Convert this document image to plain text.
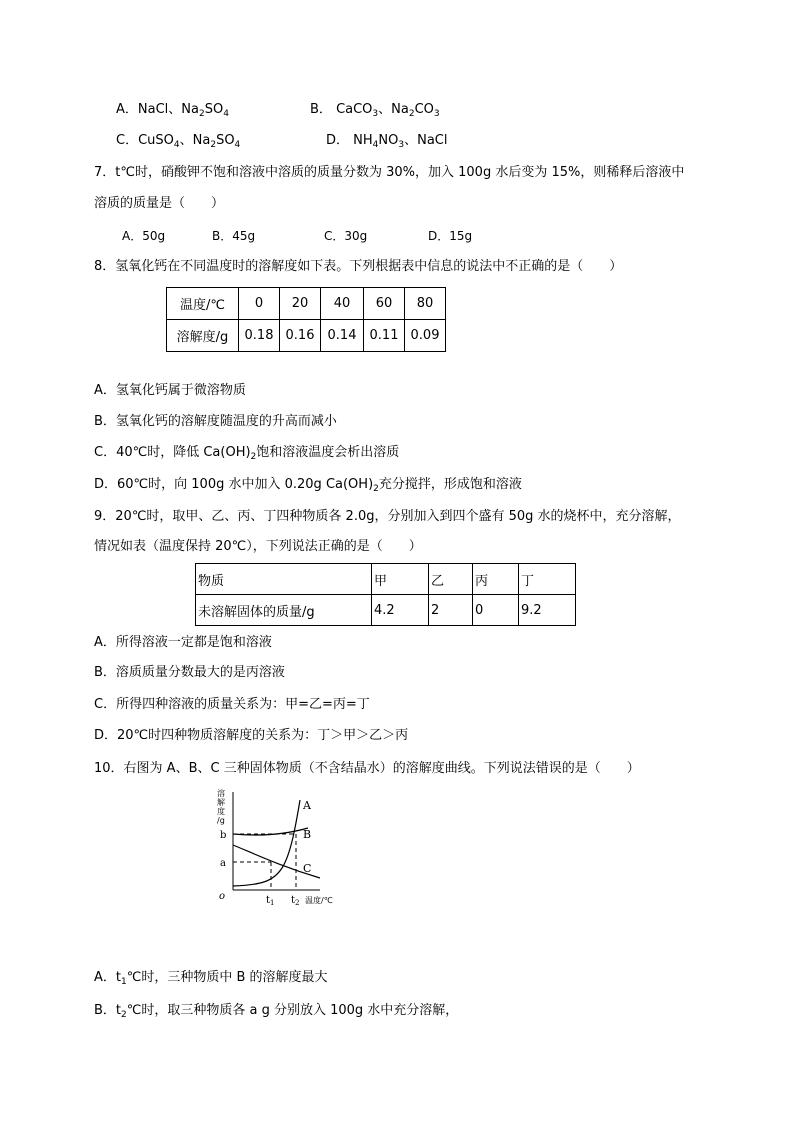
A．NaCl、$Na_2SO_4$	B． CaCO$_3$、$Na_2CO_3$
C．CuSO$_4$、$Na_2SO_4$	D． $NH_4NO_3$、NaCl
7．t℃时，硝酸钾不饱和溶液中溶质的质量分数为 30%，加入 100g 水后变为 15%，则稀释后溶液中
溶质的质量是（　　）
A．50g	B．45g	C．30g	D．15g
8．氢氧化钙在不同温度时的溶解度如下表。下列根据表中信息的说法中不正确的是（　　）
温度/℃	0	20	40	60	80
溶解度/g	0.18	0.16	0.14	0.11	0.09
A．氢氧化钙属于微溶物质
B．氢氧化钙的溶解度随温度的升高而减小
C．40℃时，降低 $Ca(OH)_2$饱和溶液温度会析出溶质
D．60℃时，向 100g 水中加入 0.20g $Ca(OH)_2$充分搅拌，形成饱和溶液
9．20℃时，取甲、乙、丙、丁四种物质各 2.0g，分别加入到四个盛有 50g 水的烧杯中，充分溶解，
情况如表（温度保持 20℃），下列说法正确的是（　　）
物质	甲	乙	丙	丁
未溶解固体的质量/g	4.2	2	0	9.2
A．所得溶液一定都是饱和溶液
B．溶质质量分数最大的是丙溶液
C．所得四种溶液的质量关系为：甲=乙=丙=丁
D．20℃时四种物质溶解度的关系为：丁＞甲＞乙＞丙
10．右图为 A、B、C 三种固体物质（不含结晶水）的溶解度曲线。下列说法错误的是（　　）
溶 解 度 /g
b
a
o	$t_1$ $t_2$ 温度/℃
A
B
C
A．$t_1℃$时，三种物质中 B 的溶解度最大
B．$t_2℃$时，取三种物质各 a g 分别放入 100g 水中充分溶解，
